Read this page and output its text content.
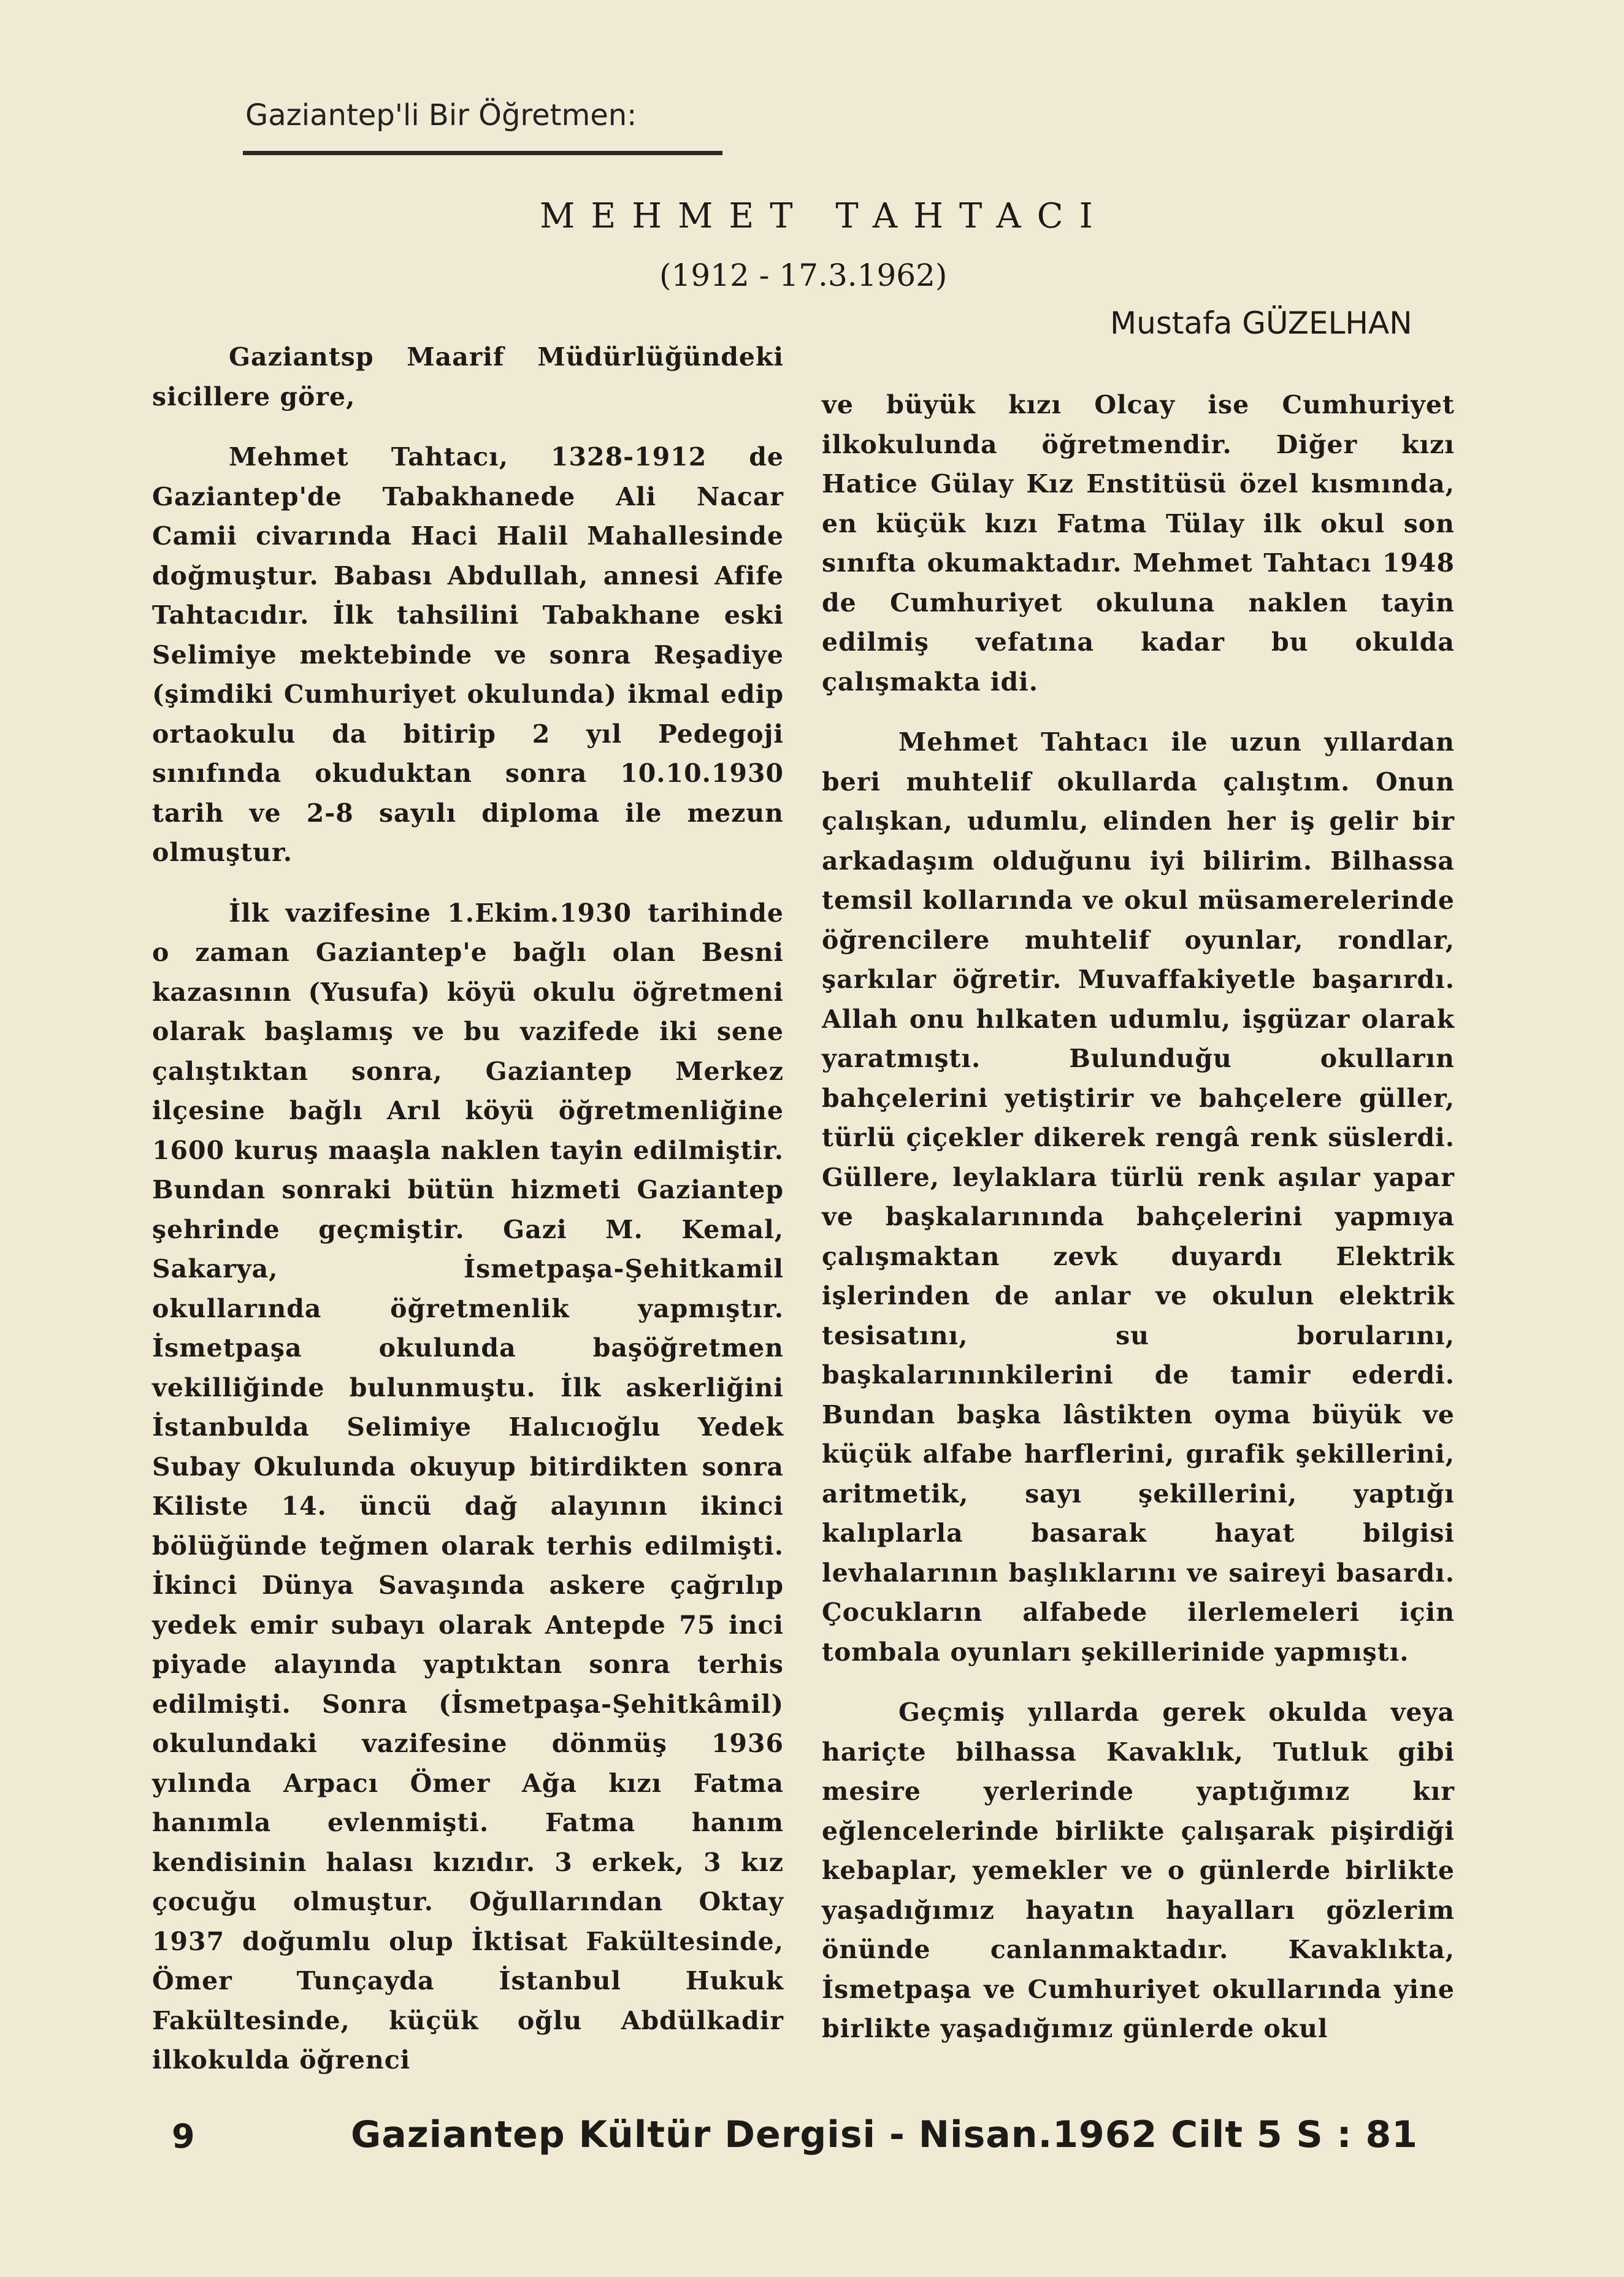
Gaziantep'li Bir Öğretmen:
MEHMET TAHTACI
(1912 - 17.3.1962)
Mustafa GÜZELHAN

Gaziantsp Maarif Müdürlüğündeki sicillere göre,

Mehmet Tahtacı, 1328-1912 de Gaziantep'de Tabakhanede Ali Nacar Camii civarında Haci Halil Mahallesinde doğmuştur. Babası Abdullah, annesi Afife Tahtacıdır. İlk tahsilini Tabakhane eski Selimiye mektebinde ve sonra Reşadiye (şimdiki Cumhuriyet okulunda) ikmal edip ortaokulu da bitirip 2 yıl Pedegoji sınıfında okuduktan sonra 10.10.1930 tarih ve 2-8 sayılı diploma ile mezun olmuştur.

İlk vazifesine 1.Ekim.1930 tarihinde o zaman Gaziantep'e bağlı olan Besni kazasının (Yusufa) köyü okulu öğretmeni olarak başlamış ve bu vazifede iki sene çalıştıktan sonra, Gaziantep Merkez ilçesine bağlı Arıl köyü öğretmenliğine 1600 kuruş maaşla naklen tayin edilmiştir. Bundan sonraki bütün hizmeti Gaziantep şehrinde geçmiştir. Gazi M. Kemal, Sakarya, İsmetpaşa-Şehitkamil okullarında öğretmenlik yapmıştır. İsmetpaşa okulunda başöğretmen vekilliğinde bulunmuştu. İlk askerliğini İstanbulda Selimiye Halıcıoğlu Yedek Subay Okulunda okuyup bitirdikten sonra Kiliste 14. üncü dağ alayının ikinci bölüğünde teğmen olarak terhis edilmişti. İkinci Dünya Savaşında askere çağrılıp yedek emir subayı olarak Antepde 75 inci piyade alayında yaptıktan sonra terhis edilmişti. Sonra (İsmetpaşa-Şehitkâmil) okulundaki vazifesine dönmüş 1936 yılında Arpacı Ömer Ağa kızı Fatma hanımla evlenmişti. Fatma hanım kendisinin halası kızıdır. 3 erkek, 3 kız çocuğu olmuştur. Oğullarından Oktay 1937 doğumlu olup İktisat Fakültesinde, Ömer Tunçayda İstanbul Hukuk Fakültesinde, küçük oğlu Abdülkadir ilkokulda öğrenci

ve büyük kızı Olcay ise Cumhuriyet ilkokulunda öğretmendir. Diğer kızı Hatice Gülay Kız Enstitüsü özel kısmında, en küçük kızı Fatma Tülay ilk okul son sınıfta okumaktadır. Mehmet Tahtacı 1948 de Cumhuriyet okuluna naklen tayin edilmiş vefatına kadar bu okulda çalışmakta idi.

Mehmet Tahtacı ile uzun yıllardan beri muhtelif okullarda çalıştım. Onun çalışkan, udumlu, elinden her iş gelir bir arkadaşım olduğunu iyi bilirim. Bilhassa temsil kollarında ve okul müsamerelerinde öğrencilere muhtelif oyunlar, rondlar, şarkılar öğretir. Muvaffakiyetle başarırdı. Allah onu hılkaten udumlu, işgüzar olarak yaratmıştı. Bulunduğu okulların bahçelerini yetiştirir ve bahçelere güller, türlü çiçekler dikerek rengâ renk süslerdi. Güllere, leylaklara türlü renk aşılar yapar ve başkalarınında bahçelerini yapmıya çalışmaktan zevk duyardı Elektrik işlerinden de anlar ve okulun elektrik tesisatını, su borularını, başkalarınınkilerini de tamir ederdi. Bundan başka lâstikten oyma büyük ve küçük alfabe harflerini, gırafik şekillerini, aritmetik, sayı şekillerini, yaptığı kalıplarla basarak hayat bilgisi levhalarının başlıklarını ve saireyi basardı. Çocukların alfabede ilerlemeleri için tombala oyunları şekillerinide yapmıştı.

Geçmiş yıllarda gerek okulda veya hariçte bilhassa Kavaklık, Tutluk gibi mesire yerlerinde yaptığımız kır eğlencelerinde birlikte çalışarak pişirdiği kebaplar, yemekler ve o günlerde birlikte yaşadığımız hayatın hayalları gözlerim önünde canlanmaktadır. Kavaklıkta, İsmetpaşa ve Cumhuriyet okullarında yine birlikte yaşadığımız günlerde okul

9	Gaziantep Kültür Dergisi - Nisan.1962 Cilt 5 S : 81
